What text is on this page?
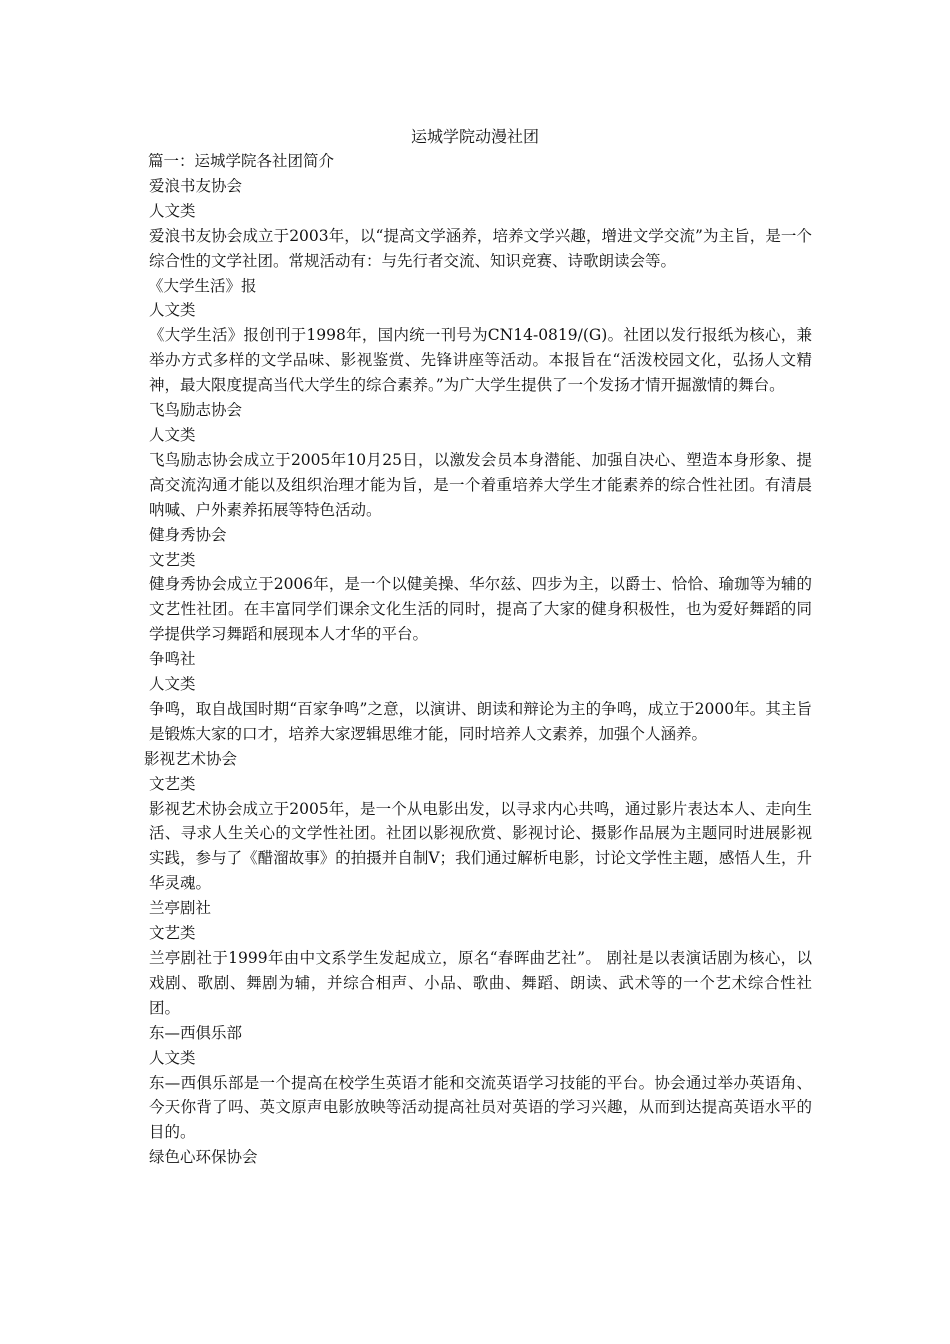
运城学院动漫社团

篇一：运城学院各社团简介

爱浪书友协会

人文类

爱浪书友协会成立于2003年，以“提高文学涵养，培养文学兴趣，增进文学交流”为主旨，是一个综合性的文学社团。常规活动有：与先行者交流、知识竞赛、诗歌朗读会等。

《大学生活》报

人文类

《大学生活》报创刊于1998年，国内统一刊号为CN14-0819/(G)。社团以发行报纸为核心，兼举办方式多样的文学品味、影视鉴赏、先锋讲座等活动。本报旨在“活泼校园文化，弘扬人文精神，最大限度提高当代大学生的综合素养。”为广大学生提供了一个发扬才情开掘激情的舞台。

飞鸟励志协会

人文类

飞鸟励志协会成立于2005年10月25日，以激发会员本身潜能、加强自决心、塑造本身形象、提高交流沟通才能以及组织治理才能为旨，是一个着重培养大学生才能素养的综合性社团。有清晨呐喊、户外素养拓展等特色活动。

健身秀协会

文艺类

健身秀协会成立于2006年，是一个以健美操、华尔兹、四步为主，以爵士、恰恰、瑜珈等为辅的文艺性社团。在丰富同学们课余文化生活的同时，提高了大家的健身积极性，也为爱好舞蹈的同学提供学习舞蹈和展现本人才华的平台。

争鸣社

人文类

争鸣，取自战国时期“百家争鸣”之意，以演讲、朗读和辩论为主的争鸣，成立于2000年。其主旨是锻炼大家的口才，培养大家逻辑思维才能，同时培养人文素养，加强个人涵养。

影视艺术协会

文艺类

影视艺术协会成立于2005年，是一个从电影出发，以寻求内心共鸣，通过影片表达本人、走向生活、寻求人生关心的文学性社团。社团以影视欣赏、影视讨论、摄影作品展为主题同时进展影视实践，参与了《醋溜故事》的拍摄并自制V；我们通过解析电影，讨论文学性主题，感悟人生，升华灵魂。

兰亭剧社

文艺类

兰亭剧社于1999年由中文系学生发起成立，原名“春晖曲艺社”。 剧社是以表演话剧为核心，以戏剧、歌剧、舞剧为辅，并综合相声、小品、歌曲、舞蹈、朗读、武术等的一个艺术综合性社团。

东—西俱乐部

人文类

东—西俱乐部是一个提高在校学生英语才能和交流英语学习技能的平台。协会通过举办英语角、今天你背了吗、英文原声电影放映等活动提高社员对英语的学习兴趣，从而到达提高英语水平的目的。

绿色心环保协会
